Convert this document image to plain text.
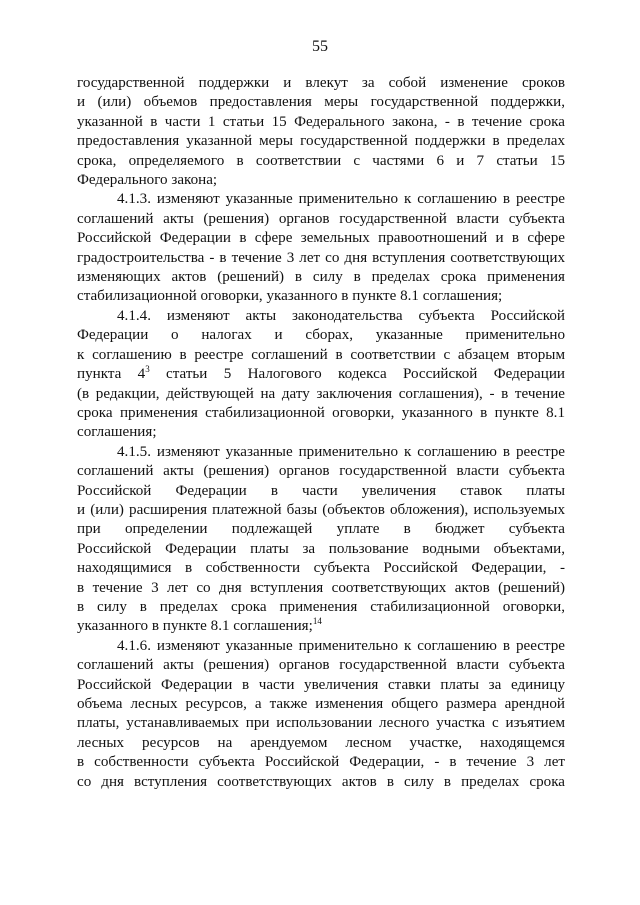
55

государственной поддержки и влекут за собой изменение сроков

и (или) объемов предоставления меры государственной поддержки,

указанной в части 1 статьи 15 Федерального закона, - в течение срока

предоставления указанной меры государственной поддержки в пределах

срока, определяемого в соответствии с частями 6 и 7 статьи 15

Федерального закона;

4.1.3. изменяют указанные применительно к соглашению в реестре

соглашений акты (решения) органов государственной власти субъекта

Российской Федерации в сфере земельных правоотношений и в сфере

градостроительства - в течение 3 лет со дня вступления соответствующих

изменяющих актов (решений) в силу в пределах срока применения

стабилизационной оговорки, указанного в пункте 8.1 соглашения;

4.1.4. изменяют акты законодательства субъекта Российской

Федерации о налогах и сборах, указанные применительно

к соглашению в реестре соглашений в соответствии с абзацем вторым

пункта $4^3$ статьи 5 Налогового кодекса Российской Федерации

(в редакции, действующей на дату заключения соглашения), - в течение

срока применения стабилизационной оговорки, указанного в пункте 8.1

соглашения;

4.1.5. изменяют указанные применительно к соглашению в реестре

соглашений акты (решения) органов государственной власти субъекта

Российской Федерации в части увеличения ставок платы

и (или) расширения платежной базы (объектов обложения), используемых

при определении подлежащей уплате в бюджет субъекта

Российской Федерации платы за пользование водными объектами,

находящимися в собственности субъекта Российской Федерации, -

в течение 3 лет со дня вступления соответствующих актов (решений)

в силу в пределах срока применения стабилизационной оговорки,

указанного в пункте 8.1 соглашения;$^{14}$

4.1.6. изменяют указанные применительно к соглашению в реестре

соглашений акты (решения) органов государственной власти субъекта

Российской Федерации в части увеличения ставки платы за единицу

объема лесных ресурсов, а также изменения общего размера арендной

платы, устанавливаемых при использовании лесного участка с изъятием

лесных ресурсов на арендуемом лесном участке, находящемся

в собственности субъекта Российской Федерации, - в течение 3 лет

со дня вступления соответствующих актов в силу в пределах срока
